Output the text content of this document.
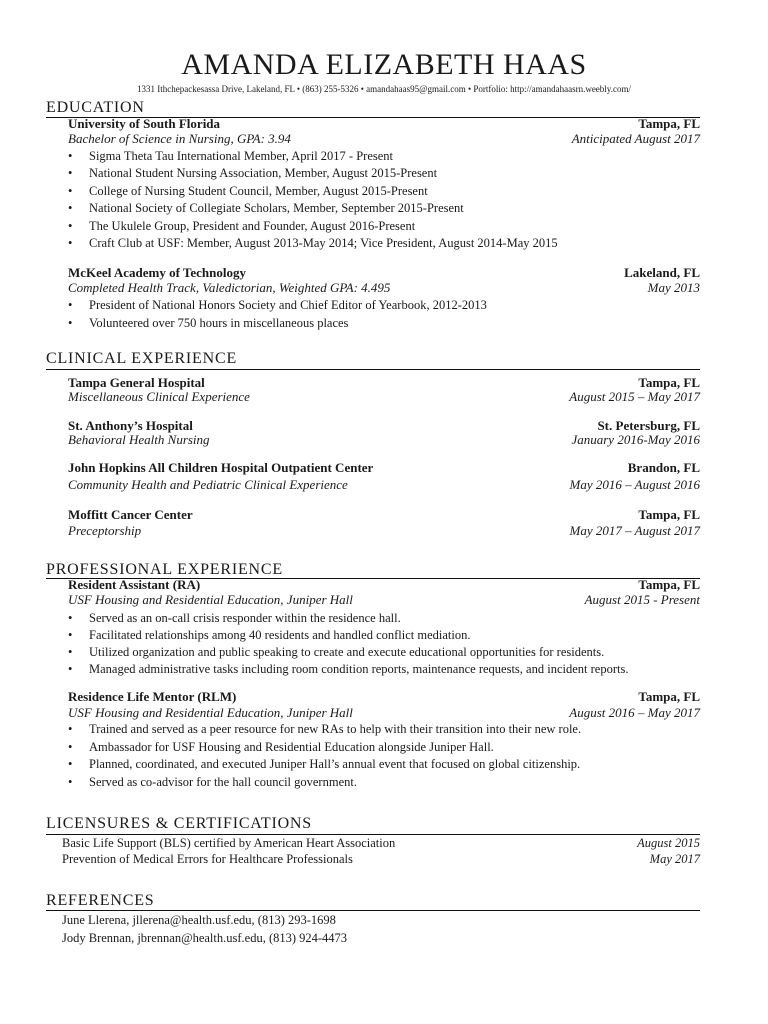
AMANDA ELIZABETH HAAS
1331 Ithchepackesassa Drive, Lakeland, FL • (863) 255-5326 • amandahaas95@gmail.com • Portfolio: http://amandahaasrn.weebly.com/
EDUCATION
University of South Florida	Tampa, FL
Bachelor of Science in Nursing, GPA: 3.94	Anticipated August 2017
• Sigma Theta Tau International Member, April 2017 - Present
• National Student Nursing Association, Member, August 2015-Present
• College of Nursing Student Council, Member, August 2015-Present
• National Society of Collegiate Scholars, Member, September 2015-Present
• The Ukulele Group, President and Founder, August 2016-Present
• Craft Club at USF: Member, August 2013-May 2014; Vice President, August 2014-May 2015
McKeel Academy of Technology	Lakeland, FL
Completed Health Track, Valedictorian, Weighted GPA: 4.495	May 2013
• President of National Honors Society and Chief Editor of Yearbook, 2012-2013
• Volunteered over 750 hours in miscellaneous places
CLINICAL EXPERIENCE
Tampa General Hospital	Tampa, FL
Miscellaneous Clinical Experience	August 2015 – May 2017
St. Anthony’s Hospital	St. Petersburg, FL
Behavioral Health Nursing	January 2016-May 2016
John Hopkins All Children Hospital Outpatient Center	Brandon, FL
Community Health and Pediatric Clinical Experience	May 2016 – August 2016
Moffitt Cancer Center	Tampa, FL
Preceptorship	May 2017 – August 2017
PROFESSIONAL EXPERIENCE
Resident Assistant (RA)	Tampa, FL
USF Housing and Residential Education, Juniper Hall	August 2015 - Present
• Served as an on-call crisis responder within the residence hall.
• Facilitated relationships among 40 residents and handled conflict mediation.
• Utilized organization and public speaking to create and execute educational opportunities for residents.
• Managed administrative tasks including room condition reports, maintenance requests, and incident reports.
Residence Life Mentor (RLM)	Tampa, FL
USF Housing and Residential Education, Juniper Hall	August 2016 – May 2017
• Trained and served as a peer resource for new RAs to help with their transition into their new role.
• Ambassador for USF Housing and Residential Education alongside Juniper Hall.
• Planned, coordinated, and executed Juniper Hall’s annual event that focused on global citizenship.
• Served as co-advisor for the hall council government.
LICENSURES & CERTIFICATIONS
Basic Life Support (BLS) certified by American Heart Association	August 2015
Prevention of Medical Errors for Healthcare Professionals	May 2017
REFERENCES
June Llerena, jllerena@health.usf.edu, (813) 293-1698
Jody Brennan, jbrennan@health.usf.edu, (813) 924-4473
